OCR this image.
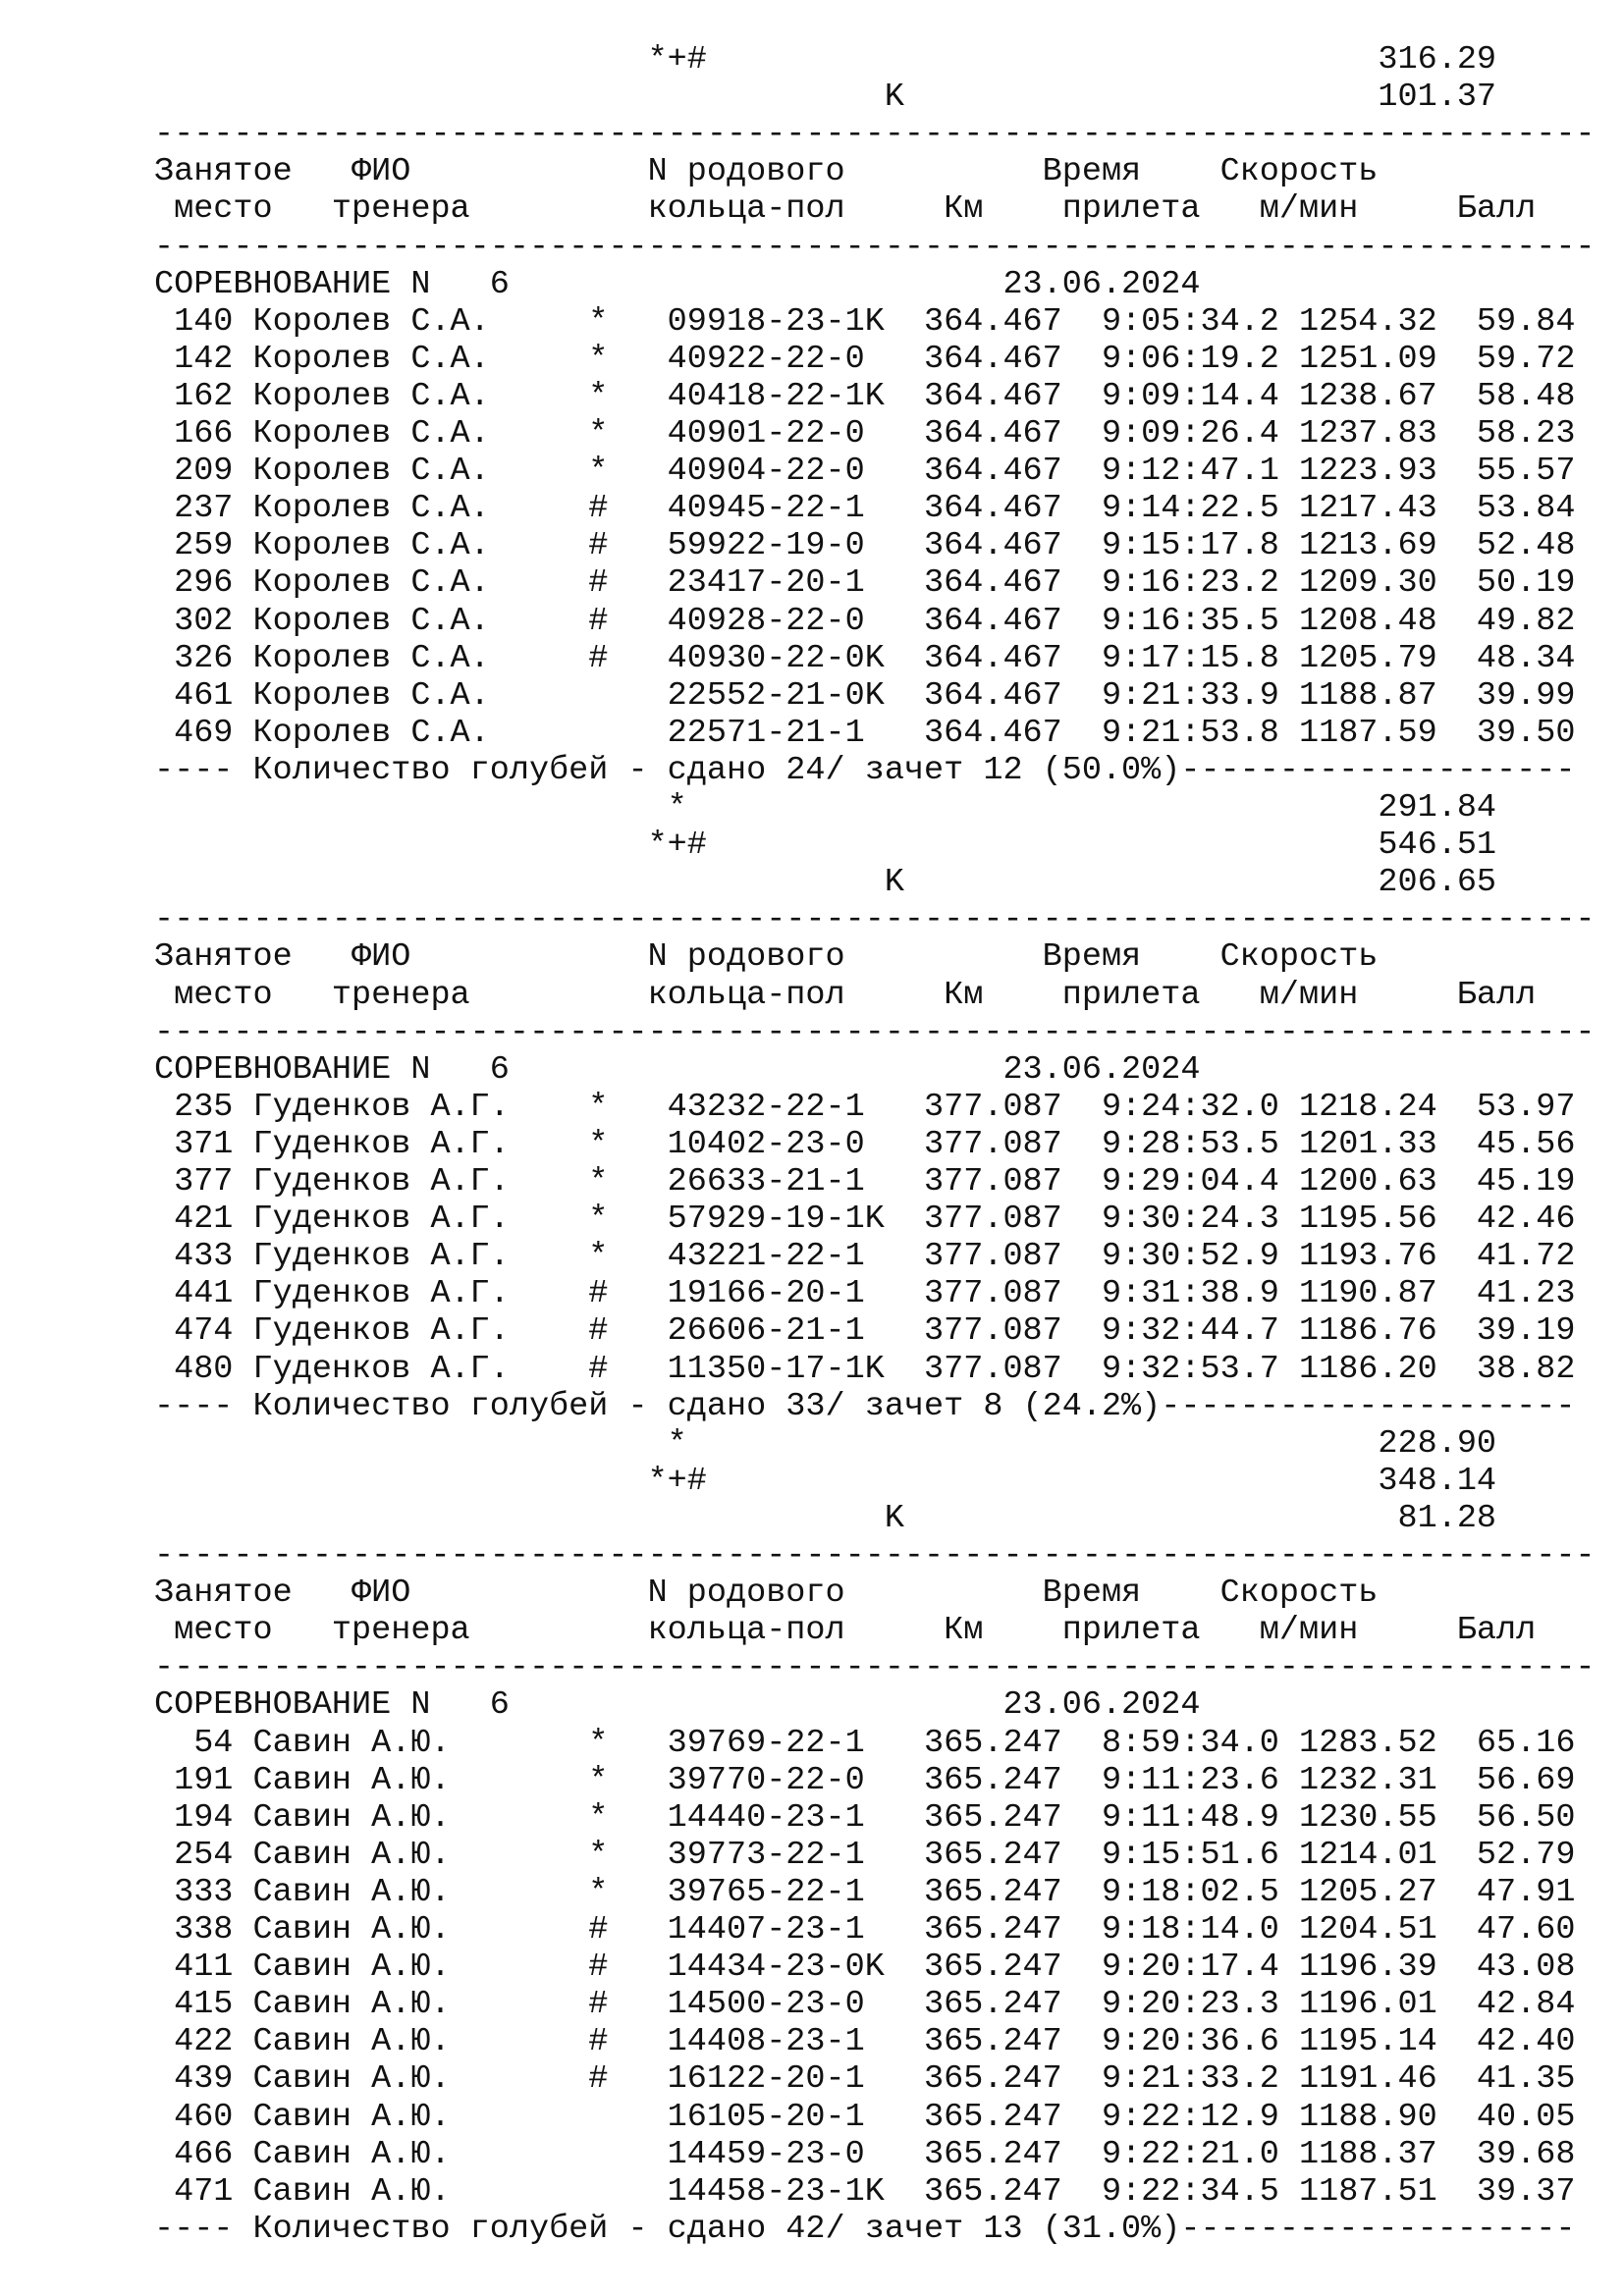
*+#                                  316.29
K                        101.37
-------------------------------------------------------------------------
Занятое   ФИО            N родового          Время    Скорость
место   тренера         кольца-пол     Км    прилета   м/мин     Балл
-------------------------------------------------------------------------
СОРЕВНОВАНИЕ N   6                         23.06.2024
140 Королев С.А.     *   09918-23-1K  364.467  9:05:34.2 1254.32  59.84
142 Королев С.А.     *   40922-22-0   364.467  9:06:19.2 1251.09  59.72
162 Королев С.А.     *   40418-22-1K  364.467  9:09:14.4 1238.67  58.48
166 Королев С.А.     *   40901-22-0   364.467  9:09:26.4 1237.83  58.23
209 Королев С.А.     *   40904-22-0   364.467  9:12:47.1 1223.93  55.57
237 Королев С.А.     #   40945-22-1   364.467  9:14:22.5 1217.43  53.84
259 Королев С.А.     #   59922-19-0   364.467  9:15:17.8 1213.69  52.48
296 Королев С.А.     #   23417-20-1   364.467  9:16:23.2 1209.30  50.19
302 Королев С.А.     #   40928-22-0   364.467  9:16:35.5 1208.48  49.82
326 Королев С.А.     #   40930-22-0K  364.467  9:17:15.8 1205.79  48.34
461 Королев С.А.         22552-21-0K  364.467  9:21:33.9 1188.87  39.99
469 Королев С.А.         22571-21-1   364.467  9:21:53.8 1187.59  39.50
---- Количество голубей - сдано 24/ зачет 12 (50.0%)--------------------
*                                   291.84
*+#                                  546.51
K                        206.65
-------------------------------------------------------------------------
Занятое   ФИО            N родового          Время    Скорость
место   тренера         кольца-пол     Км    прилета   м/мин     Балл
-------------------------------------------------------------------------
СОРЕВНОВАНИЕ N   6                         23.06.2024
235 Гуденков А.Г.    *   43232-22-1   377.087  9:24:32.0 1218.24  53.97
371 Гуденков А.Г.    *   10402-23-0   377.087  9:28:53.5 1201.33  45.56
377 Гуденков А.Г.    *   26633-21-1   377.087  9:29:04.4 1200.63  45.19
421 Гуденков А.Г.    *   57929-19-1K  377.087  9:30:24.3 1195.56  42.46
433 Гуденков А.Г.    *   43221-22-1   377.087  9:30:52.9 1193.76  41.72
441 Гуденков А.Г.    #   19166-20-1   377.087  9:31:38.9 1190.87  41.23
474 Гуденков А.Г.    #   26606-21-1   377.087  9:32:44.7 1186.76  39.19
480 Гуденков А.Г.    #   11350-17-1K  377.087  9:32:53.7 1186.20  38.82
---- Количество голубей - сдано 33/ зачет 8 (24.2%)---------------------
*                                   228.90
*+#                                  348.14
K                         81.28
-------------------------------------------------------------------------
Занятое   ФИО            N родового          Время    Скорость
место   тренера         кольца-пол     Км    прилета   м/мин     Балл
-------------------------------------------------------------------------
СОРЕВНОВАНИЕ N   6                         23.06.2024
54 Савин А.Ю.       *   39769-22-1   365.247  8:59:34.0 1283.52  65.16
191 Савин А.Ю.       *   39770-22-0   365.247  9:11:23.6 1232.31  56.69
194 Савин А.Ю.       *   14440-23-1   365.247  9:11:48.9 1230.55  56.50
254 Савин А.Ю.       *   39773-22-1   365.247  9:15:51.6 1214.01  52.79
333 Савин А.Ю.       *   39765-22-1   365.247  9:18:02.5 1205.27  47.91
338 Савин А.Ю.       #   14407-23-1   365.247  9:18:14.0 1204.51  47.60
411 Савин А.Ю.       #   14434-23-0K  365.247  9:20:17.4 1196.39  43.08
415 Савин А.Ю.       #   14500-23-0   365.247  9:20:23.3 1196.01  42.84
422 Савин А.Ю.       #   14408-23-1   365.247  9:20:36.6 1195.14  42.40
439 Савин А.Ю.       #   16122-20-1   365.247  9:21:33.2 1191.46  41.35
460 Савин А.Ю.           16105-20-1   365.247  9:22:12.9 1188.90  40.05
466 Савин А.Ю.           14459-23-0   365.247  9:22:21.0 1188.37  39.68
471 Савин А.Ю.           14458-23-1K  365.247  9:22:34.5 1187.51  39.37
---- Количество голубей - сдано 42/ зачет 13 (31.0%)--------------------
